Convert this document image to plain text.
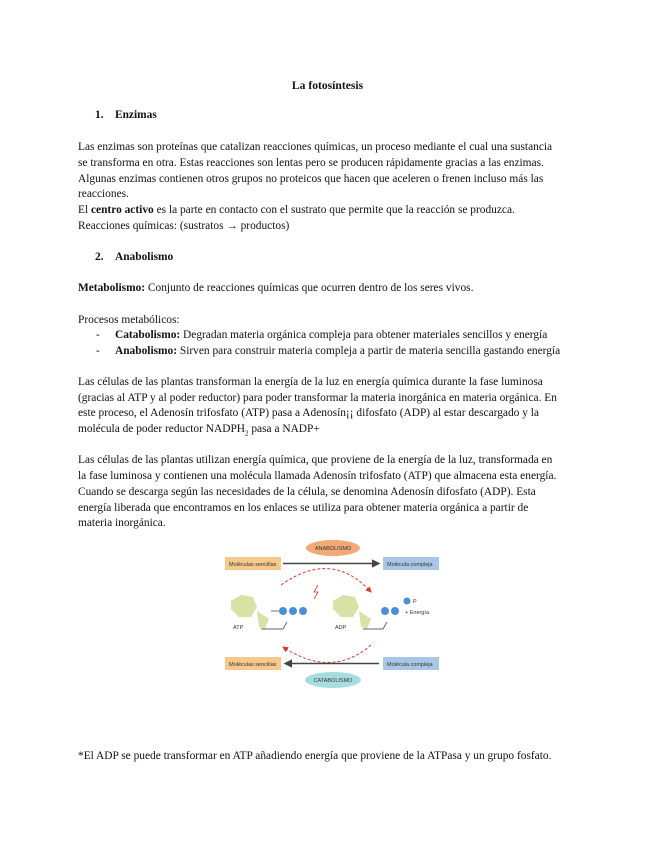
La fotosíntesis
1. Enzimas
Las enzimas son proteínas que catalizan reacciones químicas, un proceso mediante el cual una sustancia
se transforma en otra. Estas reacciones son lentas pero se producen rápidamente gracias a las enzimas.
Algunas enzimas contienen otros grupos no proteicos que hacen que aceleren o frenen incluso más las
reacciones.
El centro activo es la parte en contacto con el sustrato que permite que la reacción se produzca.
Reacciones químicas: (sustratos → productos)
2. Anabolismo
Metabolismo: Conjunto de reacciones químicas que ocurren dentro de los seres vivos.
Procesos metabólicos:
- Catabolismo: Degradan materia orgánica compleja para obtener materiales sencillos y energía
- Anabolismo: Sirven para construir materia compleja a partir de materia sencilla gastando energía
Las células de las plantas transforman la energía de la luz en energía química durante la fase luminosa
(gracias al ATP y al poder reductor) para poder transformar la materia inorgánica en materia orgánica. En
este proceso, el Adenosín trifosfato (ATP) pasa a Adenosín¡¡ difosfato (ADP) al estar descargado y la
molécula de poder reductor $NADPH_2$ pasa a NADP+
Las células de las plantas utilizan energía química, que proviene de la energía de la luz, transformada en
la fase luminosa y contienen una molécula llamada Adenosín trifosfato (ATP) que almacena esta energía.
Cuando se descarga según las necesidades de la célula, se denomina Adenosín difosfato (ADP). Esta
energía liberada que encontramos en los enlaces se utiliza para obtener materia orgánica a partir de
materia inorgánica.
ANABOLISMO
Moléculas sencillas	Molécula compleja
ATP
P
+ Energía
ADP
Moléculas sencillas	Molécula compleja
CATABOLISMO
*El ADP se puede transformar en ATP añadiendo energía que proviene de la ATPasa y un grupo fosfato.
